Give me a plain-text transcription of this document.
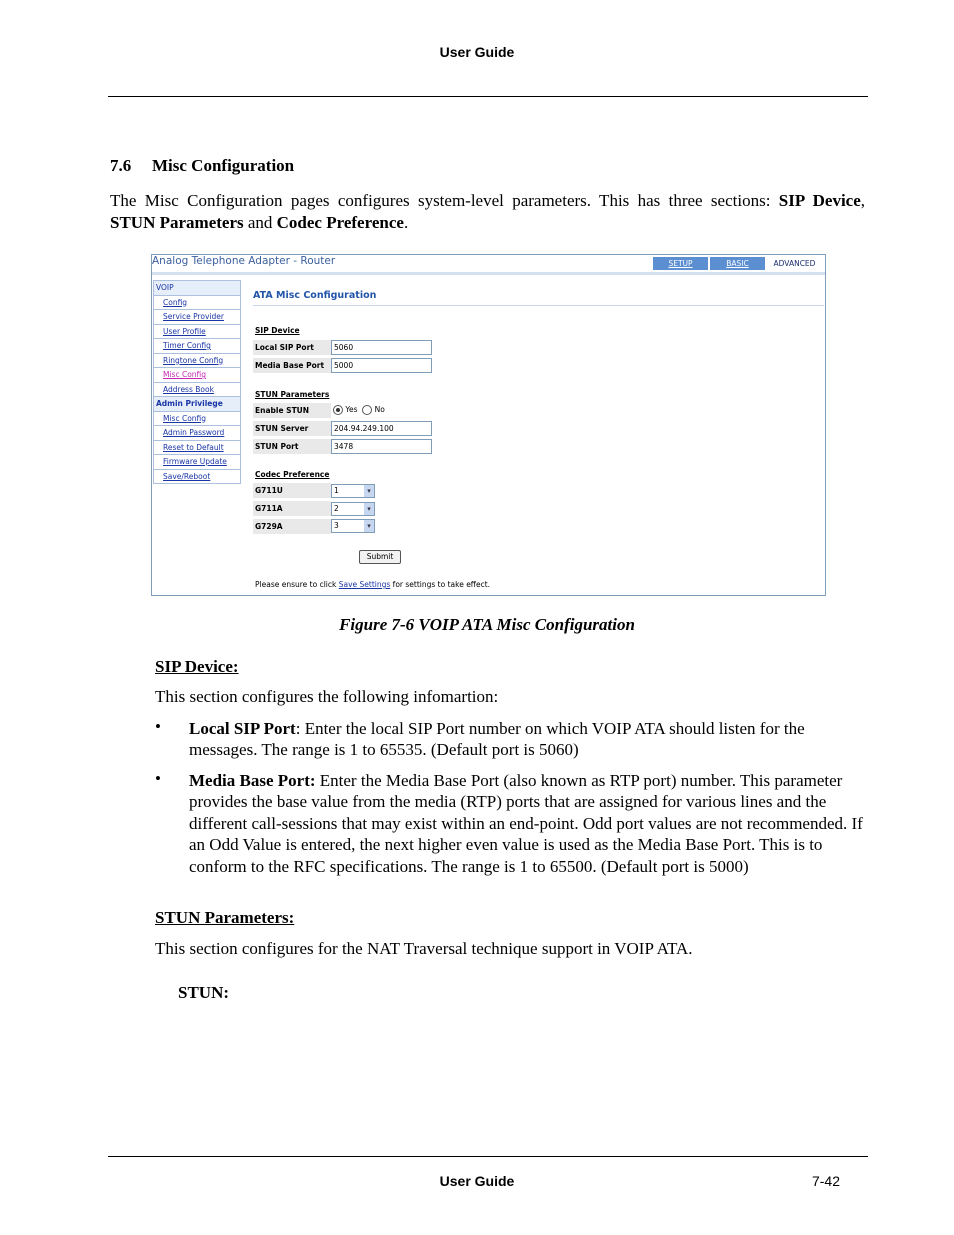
User Guide
7.6 Misc Configuration
The Misc Configuration pages configures system-level parameters. This has three sections: SIP Device, STUN Parameters and Codec Preference.
Analog Telephone Adapter - Router	SETUP	BASIC	ADVANCED
VOIP
Config
Service Provider
User Profile
Timer Config
Ringtone Config
Misc Config
Address Book
Admin Privilege
Misc Config
Admin Password
Reset to Default
Firmware Update
Save/Reboot
ATA Misc Configuration
SIP Device
Local SIP Port	5060
Media Base Port	5000
STUN Parameters
Enable STUN	Yes No
STUN Server	204.94.249.100
STUN Port	3478
Codec Preference
G711U	1	▾
G711A	2	▾
G729A	3	▾
Submit
Please ensure to click Save Settings for settings to take effect.
Figure 7-6 VOIP ATA Misc Configuration
SIP Device:
This section configures the following infomartion:
• Local SIP Port: Enter the local SIP Port number on which VOIP ATA should listen for the messages. The range is 1 to 65535. (Default port is 5060)
• Media Base Port: Enter the Media Base Port (also known as RTP port) number. This parameter provides the base value from the media (RTP) ports that are assigned for various lines and the different call-sessions that may exist within an end-point. Odd port values are not recommended. If an Odd Value is entered, the next higher even value is used as the Media Base Port. This is to conform to the RFC specifications. The range is 1 to 65500. (Default port is 5000)
STUN Parameters:
This section configures for the NAT Traversal technique support in VOIP ATA.
STUN:
User Guide	7-42
